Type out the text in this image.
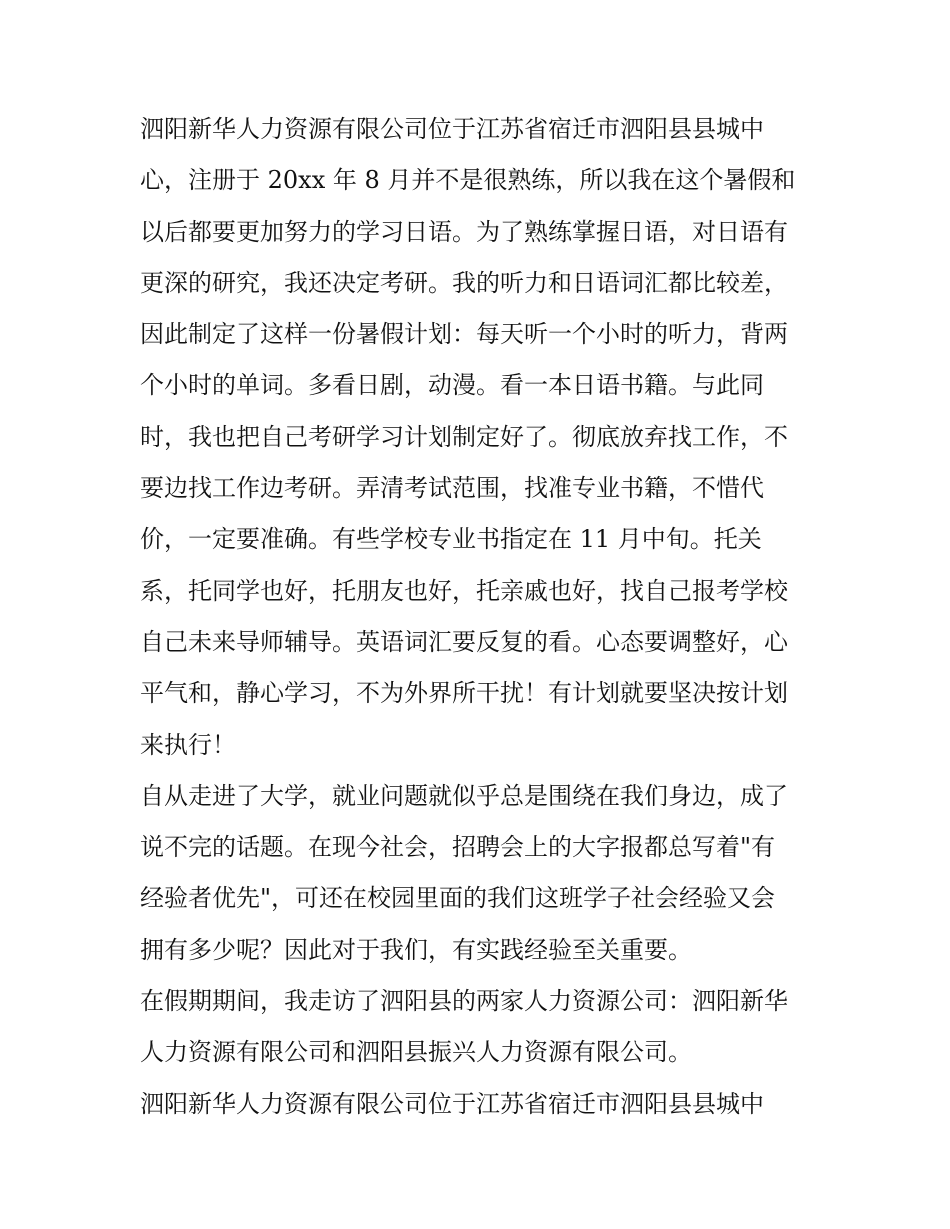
泗阳新华人力资源有限公司位于江苏省宿迁市泗阳县县城中
心，注册于 20xx 年 8 月并不是很熟练，所以我在这个暑假和
以后都要更加努力的学习日语。为了熟练掌握日语，对日语有
更深的研究，我还决定考研。我的听力和日语词汇都比较差，
因此制定了这样一份暑假计划：每天听一个小时的听力，背两
个小时的单词。多看日剧，动漫。看一本日语书籍。与此同
时，我也把自己考研学习计划制定好了。彻底放弃找工作，不
要边找工作边考研。弄清考试范围，找准专业书籍，不惜代
价，一定要准确。有些学校专业书指定在 11 月中旬。托关
系，托同学也好，托朋友也好，托亲戚也好，找自己报考学校
自己未来导师辅导。英语词汇要反复的看。心态要调整好，心
平气和，静心学习，不为外界所干扰！有计划就要坚决按计划
来执行！
自从走进了大学，就业问题就似乎总是围绕在我们身边，成了
说不完的话题。在现今社会，招聘会上的大字报都总写着"有
经验者优先"，可还在校园里面的我们这班学子社会经验又会
拥有多少呢？因此对于我们，有实践经验至关重要。
在假期期间，我走访了泗阳县的两家人力资源公司：泗阳新华
人力资源有限公司和泗阳县振兴人力资源有限公司。
泗阳新华人力资源有限公司位于江苏省宿迁市泗阳县县城中
